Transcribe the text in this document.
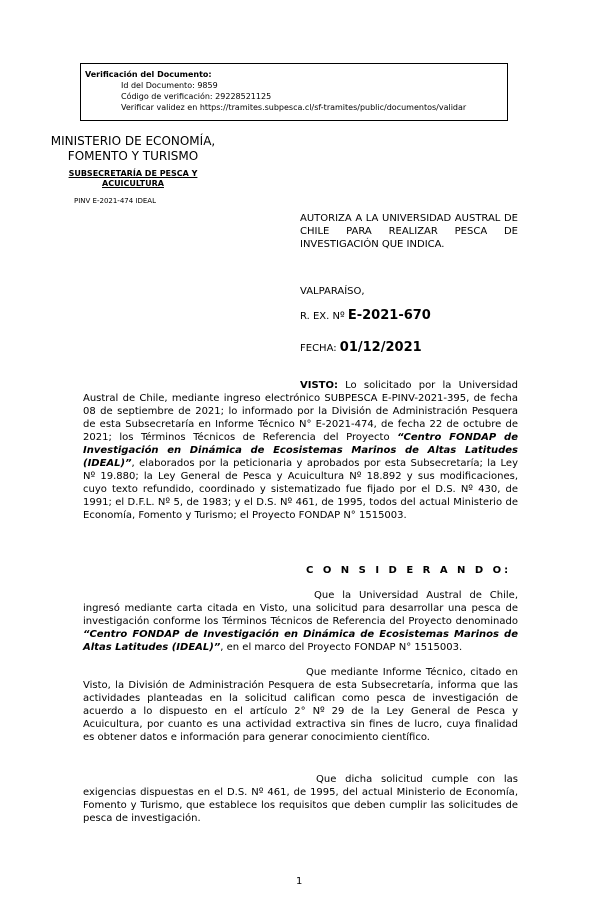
Verificación del Documento:
Id del Documento: 9859
Código de verificación: 29228521125
Verificar validez en https://tramites.subpesca.cl/sf-tramites/public/documentos/validar
MINISTERIO DE ECONOMÍA,
FOMENTO Y TURISMO
SUBSECRETARÍA DE PESCA Y ACUICULTURA
PINV E-2021-474 IDEAL
AUTORIZA A LA UNIVERSIDAD AUSTRAL DE CHILE PARA REALIZAR PESCA DE INVESTIGACIÓN QUE INDICA.
VALPARAÍSO,
R. EX. Nº E-2021-670
FECHA: 01/12/2021
VISTO: Lo solicitado por la Universidad Austral de Chile, mediante ingreso electrónico SUBPESCA E-PINV-2021-395, de fecha 08 de septiembre de 2021; lo informado por la División de Administración Pesquera de esta Subsecretaría en Informe Técnico N° E-2021-474, de fecha 22 de octubre de 2021; los Términos Técnicos de Referencia del Proyecto “Centro FONDAP de Investigación en Dinámica de Ecosistemas Marinos de Altas Latitudes (IDEAL)”, elaborados por la peticionaria y aprobados por esta Subsecretaría; la Ley Nº 19.880; la Ley General de Pesca y Acuicultura Nº 18.892 y sus modificaciones, cuyo texto refundido, coordinado y sistematizado fue fijado por el D.S. Nº 430, de 1991; el D.F.L. Nº 5, de 1983; y el D.S. Nº 461, de 1995, todos del actual Ministerio de Economía, Fomento y Turismo; el Proyecto FONDAP N° 1515003.
C O N S I D E R A N D O:
Que la Universidad Austral de Chile, ingresó mediante carta citada en Visto, una solicitud para desarrollar una pesca de investigación conforme los Términos Técnicos de Referencia del Proyecto denominado “Centro FONDAP de Investigación en Dinámica de Ecosistemas Marinos de Altas Latitudes (IDEAL)”, en el marco del Proyecto FONDAP N° 1515003.
Que mediante Informe Técnico, citado en Visto, la División de Administración Pesquera de esta Subsecretaría, informa que las actividades planteadas en la solicitud califican como pesca de investigación de acuerdo a lo dispuesto en el artículo 2° Nº 29 de la Ley General de Pesca y Acuicultura, por cuanto es una actividad extractiva sin fines de lucro, cuya finalidad es obtener datos e información para generar conocimiento científico.
Que dicha solicitud cumple con las exigencias dispuestas en el D.S. Nº 461, de 1995, del actual Ministerio de Economía, Fomento y Turismo, que establece los requisitos que deben cumplir las solicitudes de pesca de investigación.
1
